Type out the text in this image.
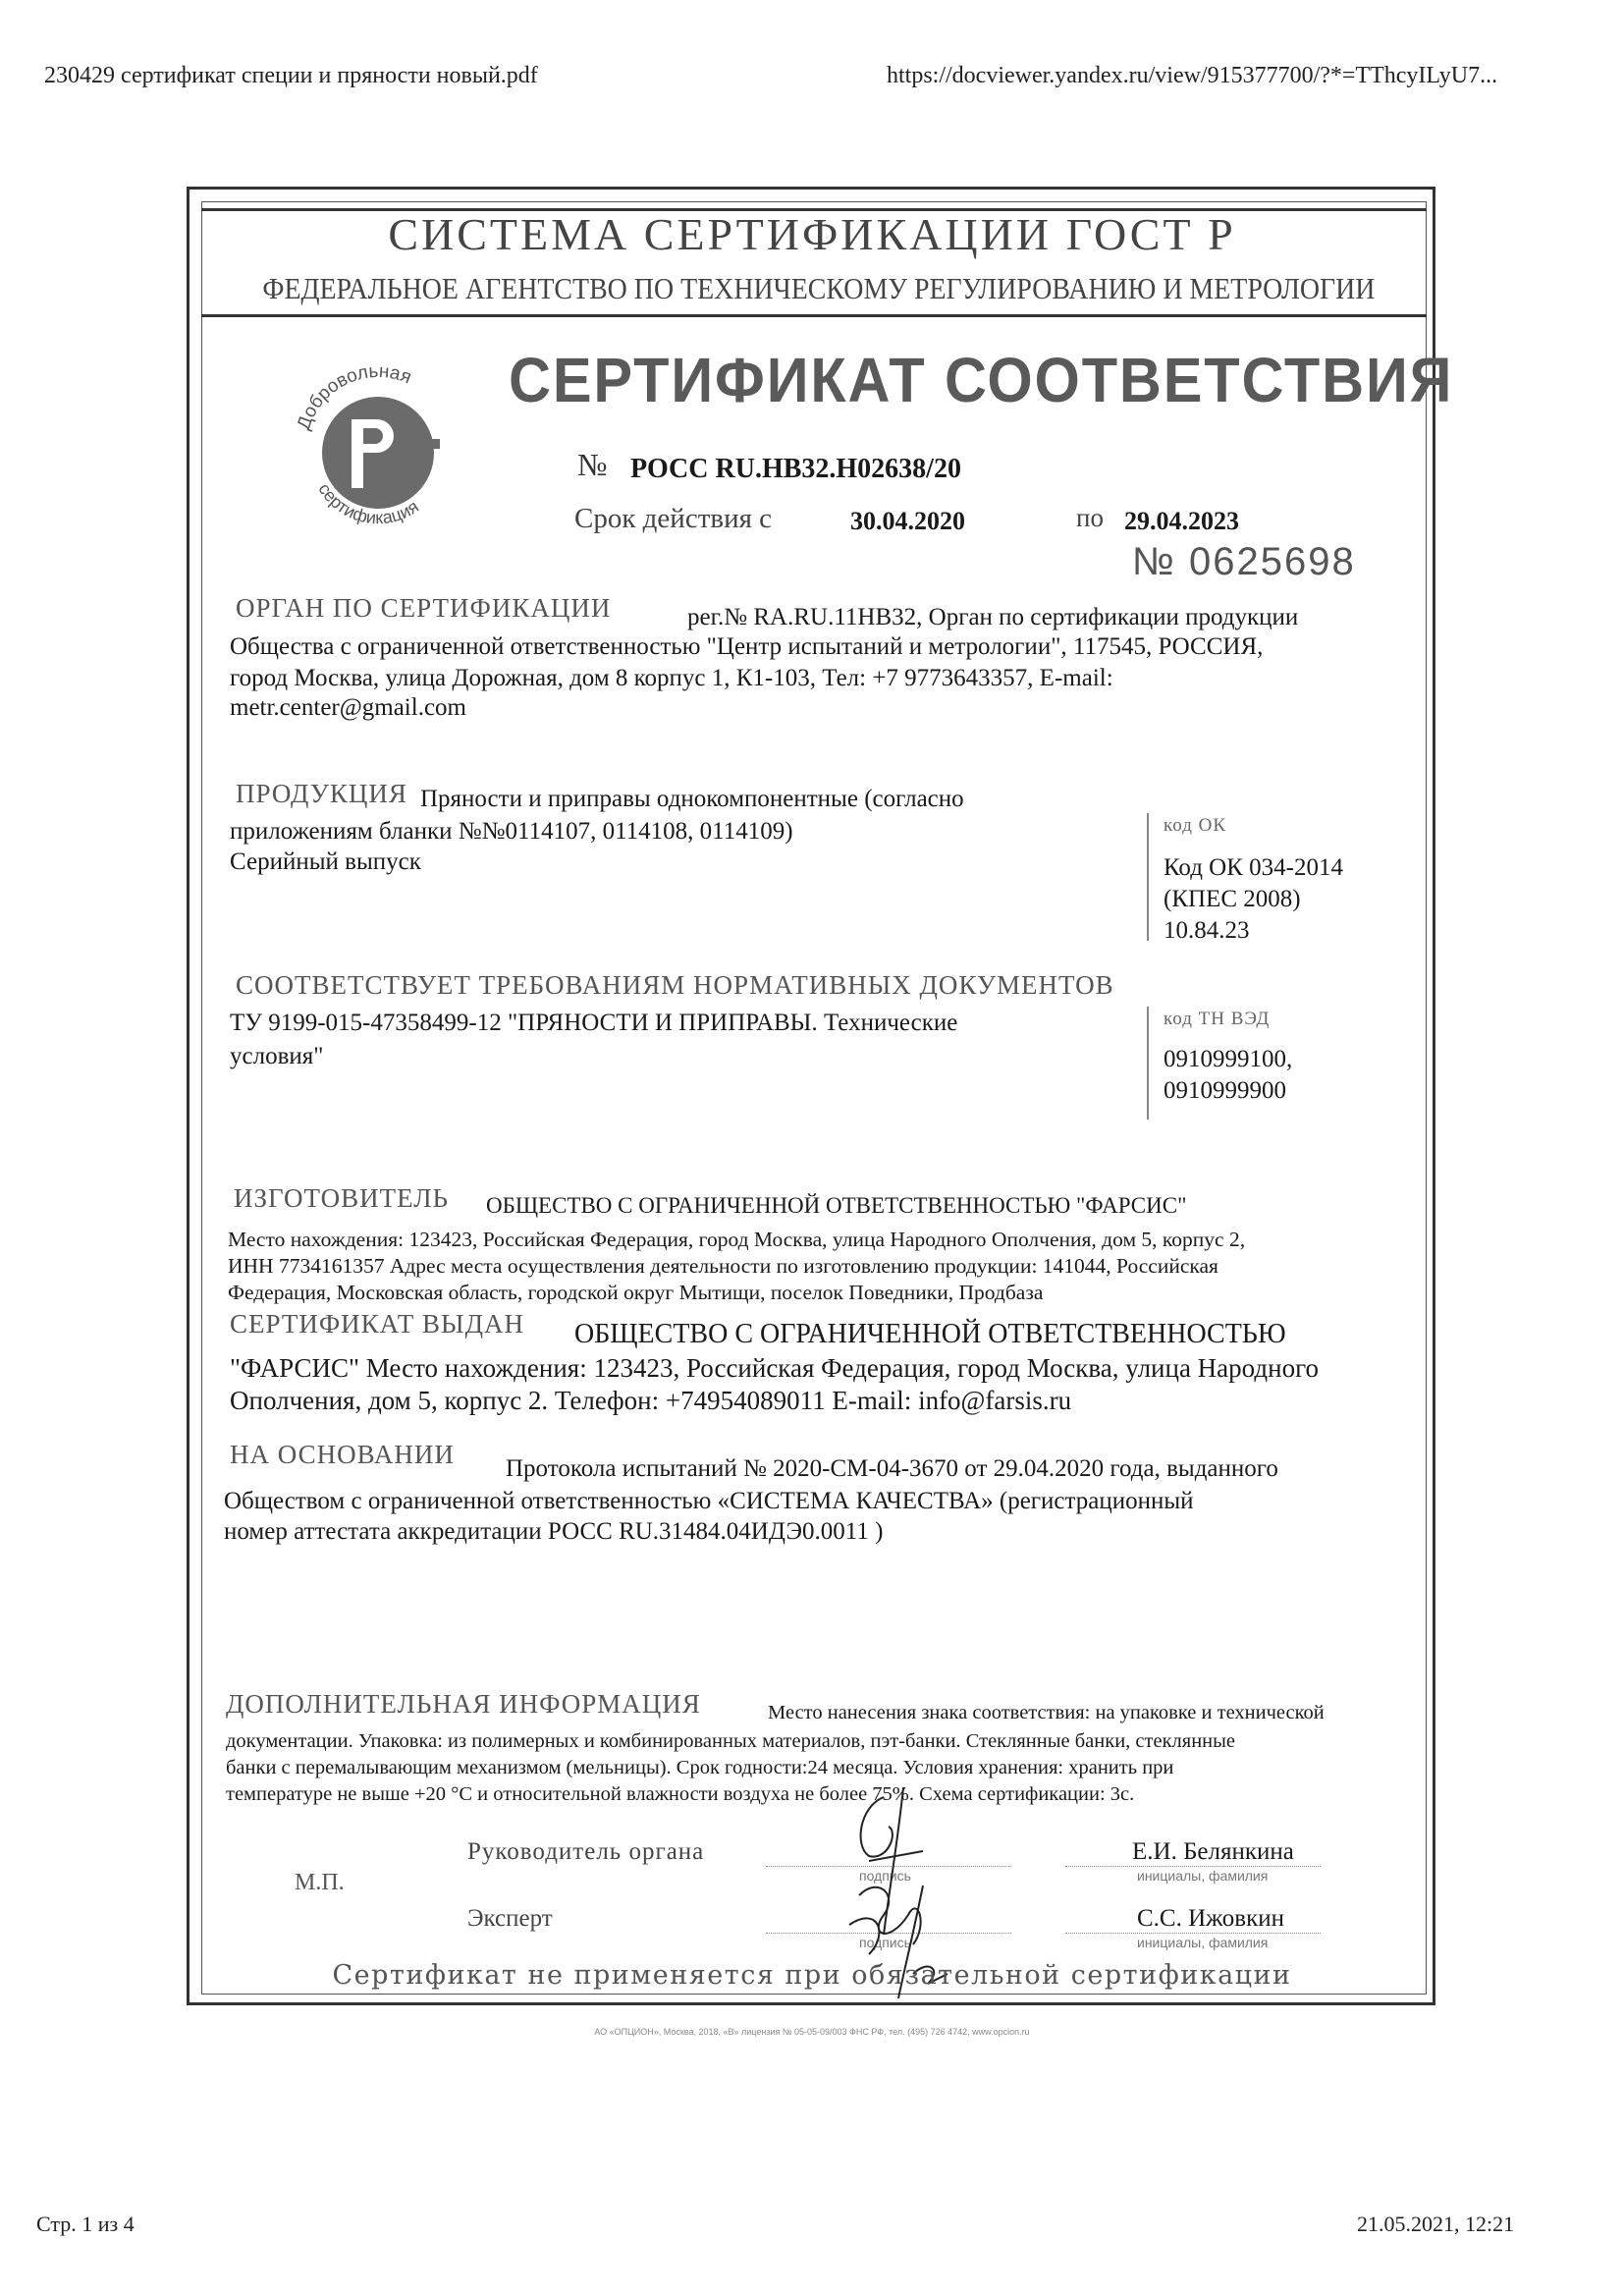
230429 сертификат специи и пряности новый.pdf	https://docviewer.yandex.ru/view/915377700/?*=TThcyILyU7...
СИСТЕМА СЕРТИФИКАЦИИ ГОСТ Р
ФЕДЕРАЛЬНОЕ АГЕНТСТВО ПО ТЕХНИЧЕСКОМУ РЕГУЛИРОВАНИЮ И МЕТРОЛОГИИ
Добровольная
сертификация
СЕРТИФИКАТ СООТВЕТСТВИЯ
№ РОСС RU.НВ32.Н02638/20
Срок действия с	30.04.2020	по 29.04.2023
№ 0625698
ОРГАН ПО СЕРТИФИКАЦИИ	рег.№ RA.RU.11НВ32, Орган по сертификации продукции
Общества с ограниченной ответственностью "Центр испытаний и метрологии", 117545, РОССИЯ,
город Москва, улица Дорожная, дом 8 корпус 1, К1-103, Тел: +7 9773643357, E-mail:
metr.center@gmail.com
ПРОДУКЦИЯ Пряности и приправы однокомпонентные (согласно
приложениям бланки №№0114107, 0114108, 0114109)
Серийный выпуск
код ОК
Код ОК 034-2014
(КПЕС 2008)
10.84.23
СООТВЕТСТВУЕТ ТРЕБОВАНИЯМ НОРМАТИВНЫХ ДОКУМЕНТОВ
ТУ 9199-015-47358499-12 "ПРЯНОСТИ И ПРИПРАВЫ. Технические
условия"
код ТН ВЭД
0910999100,
0910999900
ИЗГОТОВИТЕЛЬ ОБЩЕСТВО С ОГРАНИЧЕННОЙ ОТВЕТСТВЕННОСТЬЮ "ФАРСИС"
Место нахождения: 123423, Российская Федерация, город Москва, улица Народного Ополчения, дом 5, корпус 2,
ИНН 7734161357 Адрес места осуществления деятельности по изготовлению продукции: 141044, Российская
Федерация, Московская область, городской округ Мытищи, поселок Поведники, Продбаза
СЕРТИФИКАТ ВЫДАН ОБЩЕСТВО С ОГРАНИЧЕННОЙ ОТВЕТСТВЕННОСТЬЮ
"ФАРСИС" Место нахождения: 123423, Российская Федерация, город Москва, улица Народного
Ополчения, дом 5, корпус 2. Телефон: +74954089011 E-mail: info@farsis.ru
НА ОСНОВАНИИ Протокола испытаний № 2020-СМ-04-3670 от 29.04.2020 года, выданного
Обществом с ограниченной ответственностью «СИСТЕМА КАЧЕСТВА» (регистрационный
номер аттестата аккредитации РОСС RU.31484.04ИДЭ0.0011 )
ДОПОЛНИТЕЛЬНАЯ ИНФОРМАЦИЯ	Место нанесения знака соответствия: на упаковке и технической
документации. Упаковка: из полимерных и комбинированных материалов, пэт-банки. Стеклянные банки, стеклянные
банки с перемалывающим механизмом (мельницы). Срок годности:24 месяца. Условия хранения: хранить при
температуре не выше +20 °С и относительной влажности воздуха не более 75%. Схема сертификации: 3с.
Руководитель органа
подпись
Е.И. Белянкина
инициалы, фамилия
М.П.
Эксперт
подпись
С.С. Ижовкин
инициалы, фамилия
Сертификат не применяется при обязательной сертификации
АО «ОПЦИОН», Москва, 2018, «В» лицензия № 05-05-09/003 ФНС РФ, тел. (495) 726 4742, www.opcion.ru
Стр. 1 из 4	21.05.2021, 12:21
